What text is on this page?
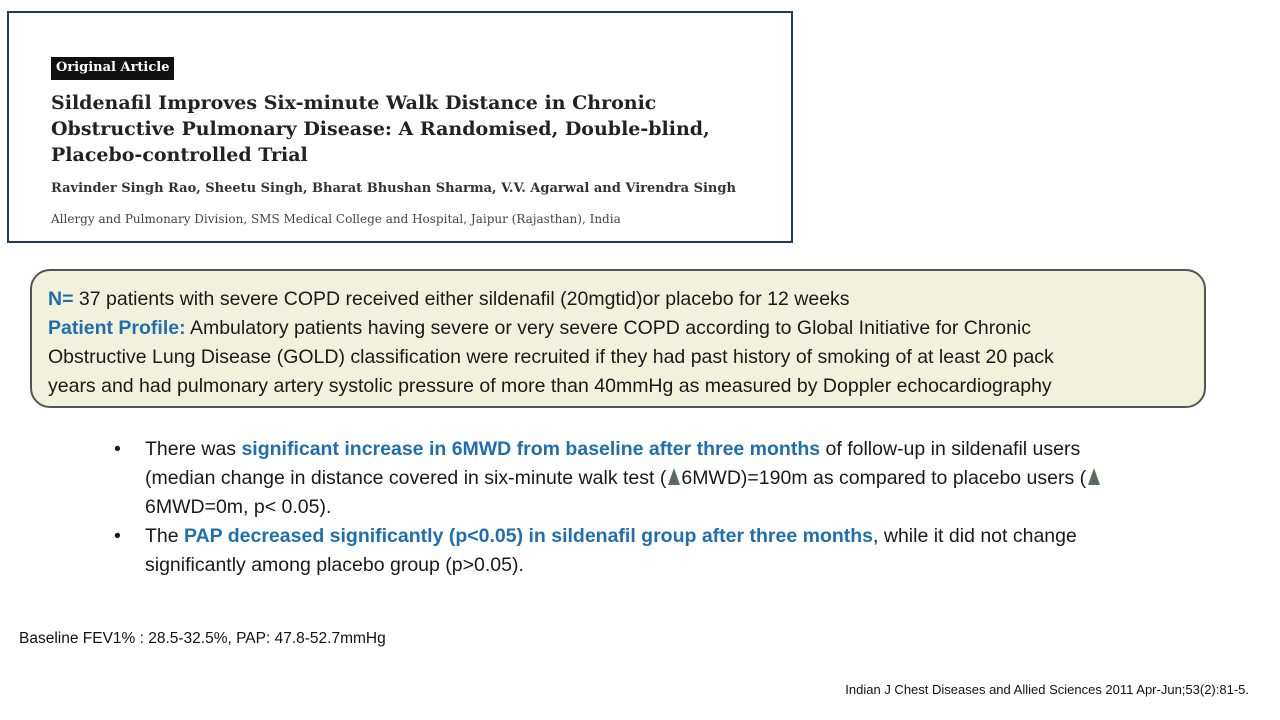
Original Article
Sildenafil Improves Six-minute Walk Distance in Chronic Obstructive Pulmonary Disease: A Randomised, Double-blind, Placebo-controlled Trial
Ravinder Singh Rao, Sheetu Singh, Bharat Bhushan Sharma, V.V. Agarwal and Virendra Singh
Allergy and Pulmonary Division, SMS Medical College and Hospital, Jaipur (Rajasthan), India
N= 37 patients with severe COPD received either sildenafil (20mgtid)or placebo for 12 weeks
Patient Profile: Ambulatory patients having severe or very severe COPD according to Global Initiative for Chronic
Obstructive Lung Disease (GOLD) classification were recruited if they had past history of smoking of at least 20 pack
years and had pulmonary artery systolic pressure of more than 40mmHg as measured by Doppler echocardiography
• There was significant increase in 6MWD from baseline after three months of follow-up in sildenafil users (median change in distance covered in six-minute walk test ( 6MWD)=190m as compared to placebo users (6MWD=0m, p< 0.05).
• The PAP decreased significantly (p<0.05) in sildenafil group after three months, while it did not change significantly among placebo group (p>0.05).
Baseline FEV1% : 28.5-32.5%, PAP: 47.8-52.7mmHg
Indian J Chest Diseases and Allied Sciences 2011 Apr-Jun;53(2):81-5.
